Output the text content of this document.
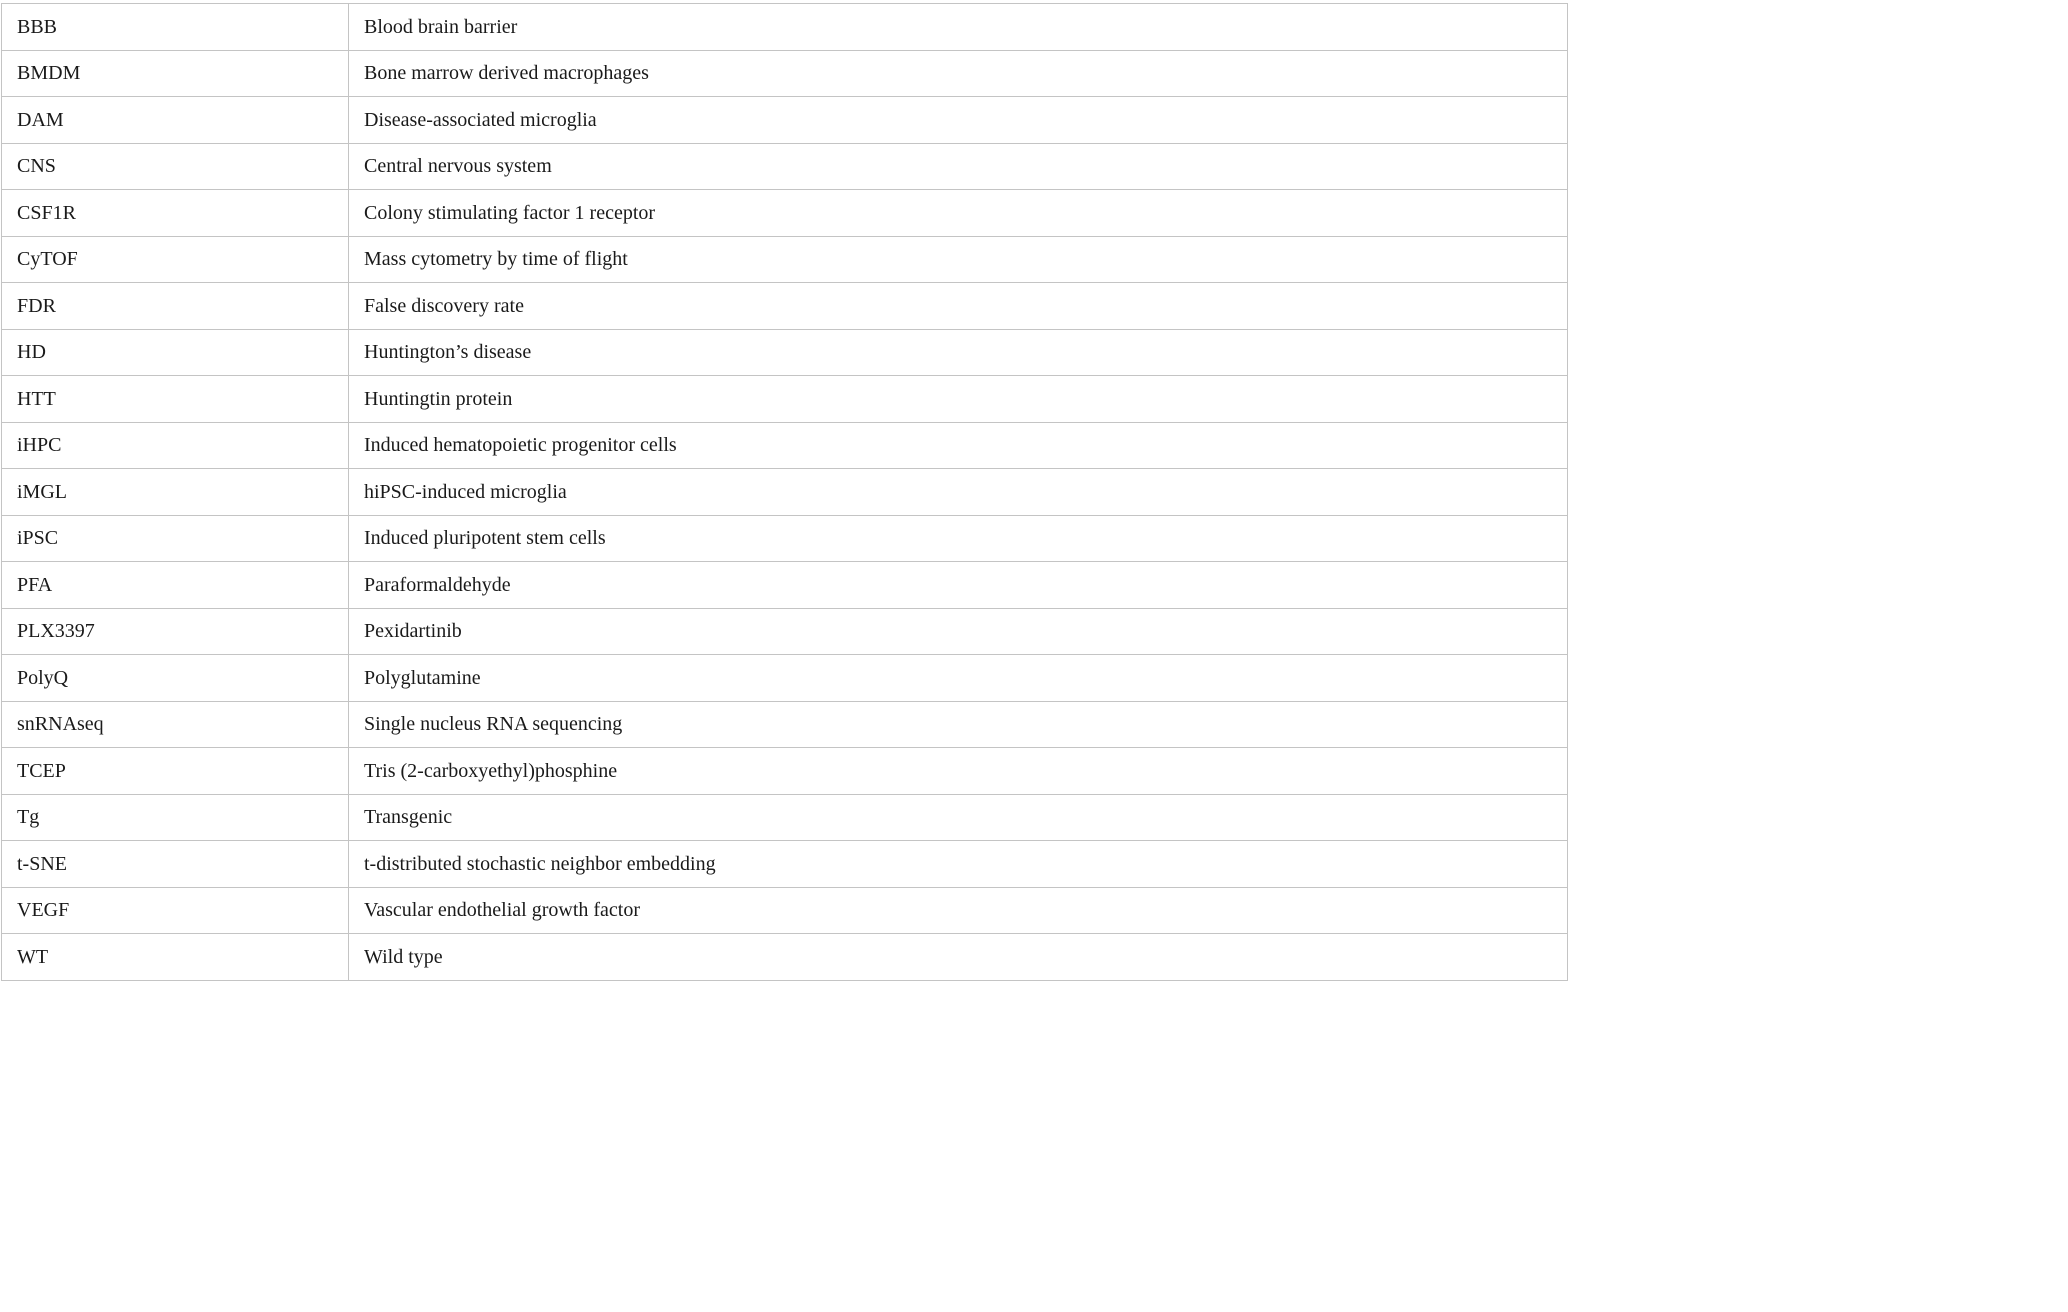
BBB	Blood brain barrier
BMDM	Bone marrow derived macrophages
DAM	Disease-associated microglia
CNS	Central nervous system
CSF1R	Colony stimulating factor 1 receptor
CyTOF	Mass cytometry by time of flight
FDR	False discovery rate
HD	Huntington’s disease
HTT	Huntingtin protein
iHPC	Induced hematopoietic progenitor cells
iMGL	hiPSC-induced microglia
iPSC	Induced pluripotent stem cells
PFA	Paraformaldehyde
PLX3397	Pexidartinib
PolyQ	Polyglutamine
snRNAseq	Single nucleus RNA sequencing
TCEP	Tris (2-carboxyethyl)phosphine
Tg	Transgenic
t-SNE	t-distributed stochastic neighbor embedding
VEGF	Vascular endothelial growth factor
WT	Wild type
